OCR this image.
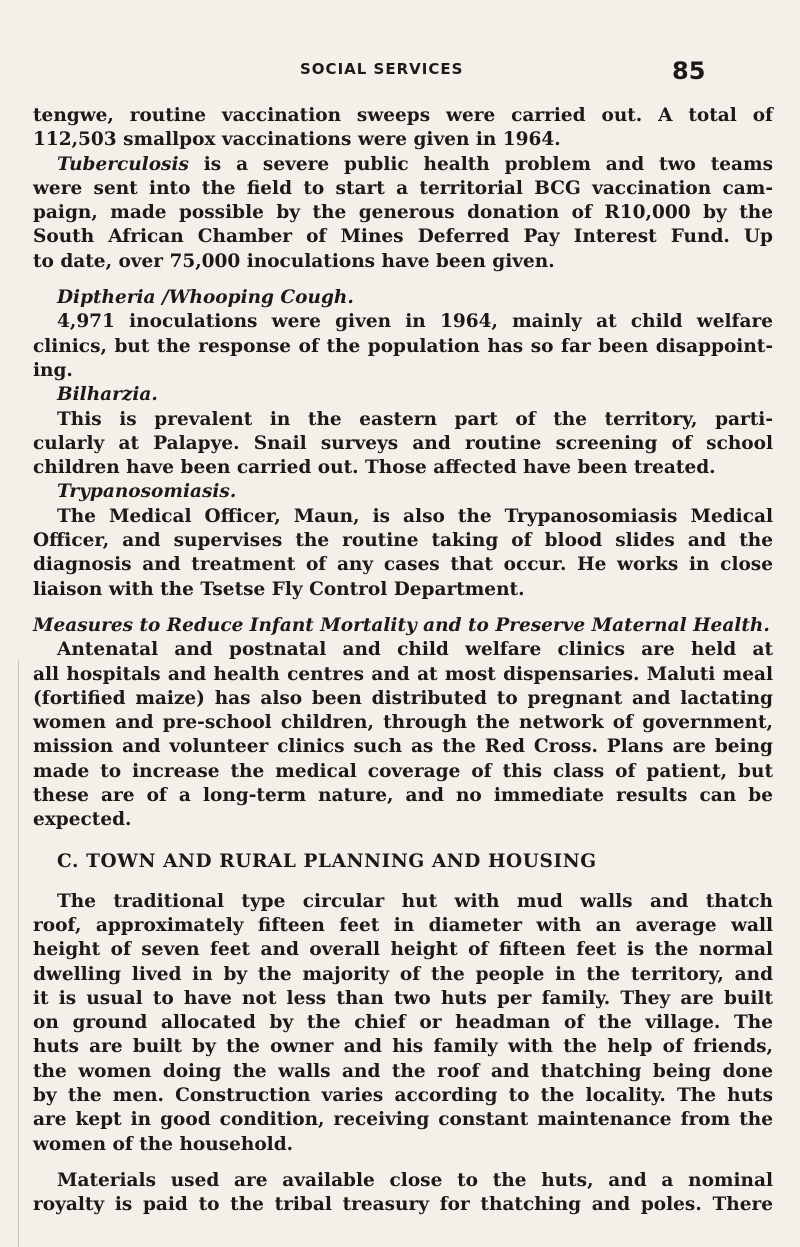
SOCIAL SERVICES	85
tengwe, routine vaccination sweeps were carried out. A total of
112,503 smallpox vaccinations were given in 1964.
Tuberculosis is a severe public health problem and two teams
were sent into the field to start a territorial BCG vaccination cam-
paign, made possible by the generous donation of R10,000 by the
South African Chamber of Mines Deferred Pay Interest Fund. Up
to date, over 75,000 inoculations have been given.
Diptheria /Whooping Cough.
4,971 inoculations were given in 1964, mainly at child welfare
clinics, but the response of the population has so far been disappoint-
ing.
Bilharzia.
This is prevalent in the eastern part of the territory, parti-
cularly at Palapye. Snail surveys and routine screening of school
children have been carried out. Those affected have been treated.
Trypanosomiasis.
The Medical Officer, Maun, is also the Trypanosomiasis Medical
Officer, and supervises the routine taking of blood slides and the
diagnosis and treatment of any cases that occur. He works in close
liaison with the Tsetse Fly Control Department.
Measures to Reduce Infant Mortality and to Preserve Maternal Health.
Antenatal and postnatal and child welfare clinics are held at
all hospitals and health centres and at most dispensaries. Maluti meal
(fortified maize) has also been distributed to pregnant and lactating
women and pre-school children, through the network of government,
mission and volunteer clinics such as the Red Cross. Plans are being
made to increase the medical coverage of this class of patient, but
these are of a long-term nature, and no immediate results can be
expected.
C. TOWN AND RURAL PLANNING AND HOUSING
The traditional type circular hut with mud walls and thatch
roof, approximately fifteen feet in diameter with an average wall
height of seven feet and overall height of fifteen feet is the normal
dwelling lived in by the majority of the people in the territory, and
it is usual to have not less than two huts per family. They are built
on ground allocated by the chief or headman of the village. The
huts are built by the owner and his family with the help of friends,
the women doing the walls and the roof and thatching being done
by the men. Construction varies according to the locality. The huts
are kept in good condition, receiving constant maintenance from the
women of the household.
Materials used are available close to the huts, and a nominal
royalty is paid to the tribal treasury for thatching and poles. There
